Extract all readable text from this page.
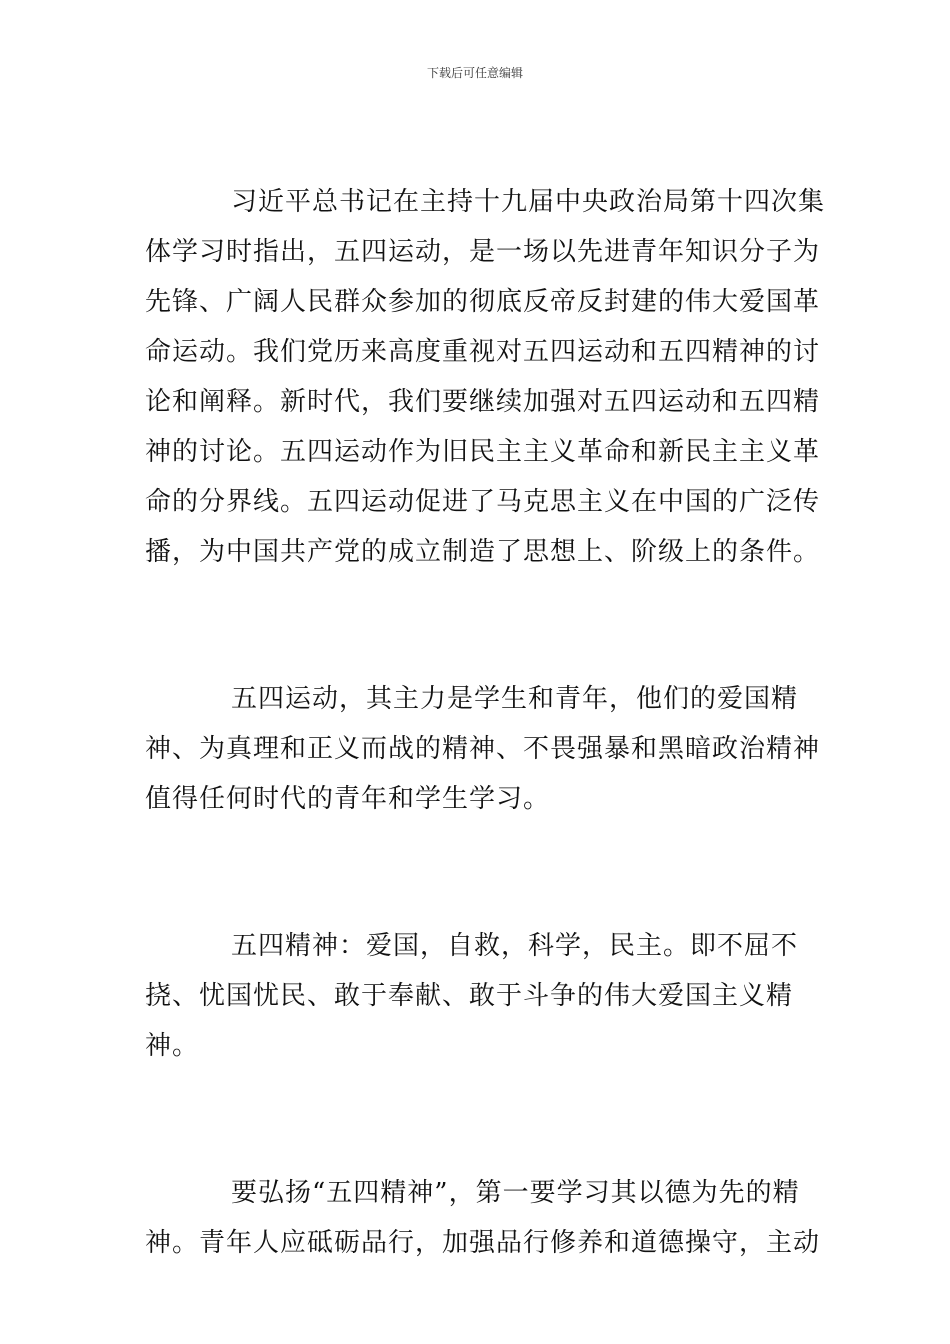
下载后可任意编辑

习近平总书记在主持十九届中央政治局第十四次集体学习时指出，五四运动，是一场以先进青年知识分子为先锋、广阔人民群众参加的彻底反帝反封建的伟大爱国革命运动。我们党历来高度重视对五四运动和五四精神的讨论和阐释。新时代，我们要继续加强对五四运动和五四精神的讨论。五四运动作为旧民主主义革命和新民主主义革命的分界线。五四运动促进了马克思主义在中国的广泛传播，为中国共产党的成立制造了思想上、阶级上的条件。

五四运动，其主力是学生和青年，他们的爱国精神、为真理和正义而战的精神、不畏强暴和黑暗政治精神值得任何时代的青年和学生学习。

五四精神：爱国，自救，科学，民主。即不屈不挠、忧国忧民、敢于奉献、敢于斗争的伟大爱国主义精神。

要弘扬“五四精神”，第一要学习其以德为先的精神。青年人应砥砺品行，加强品行修养和道德操守，主动
